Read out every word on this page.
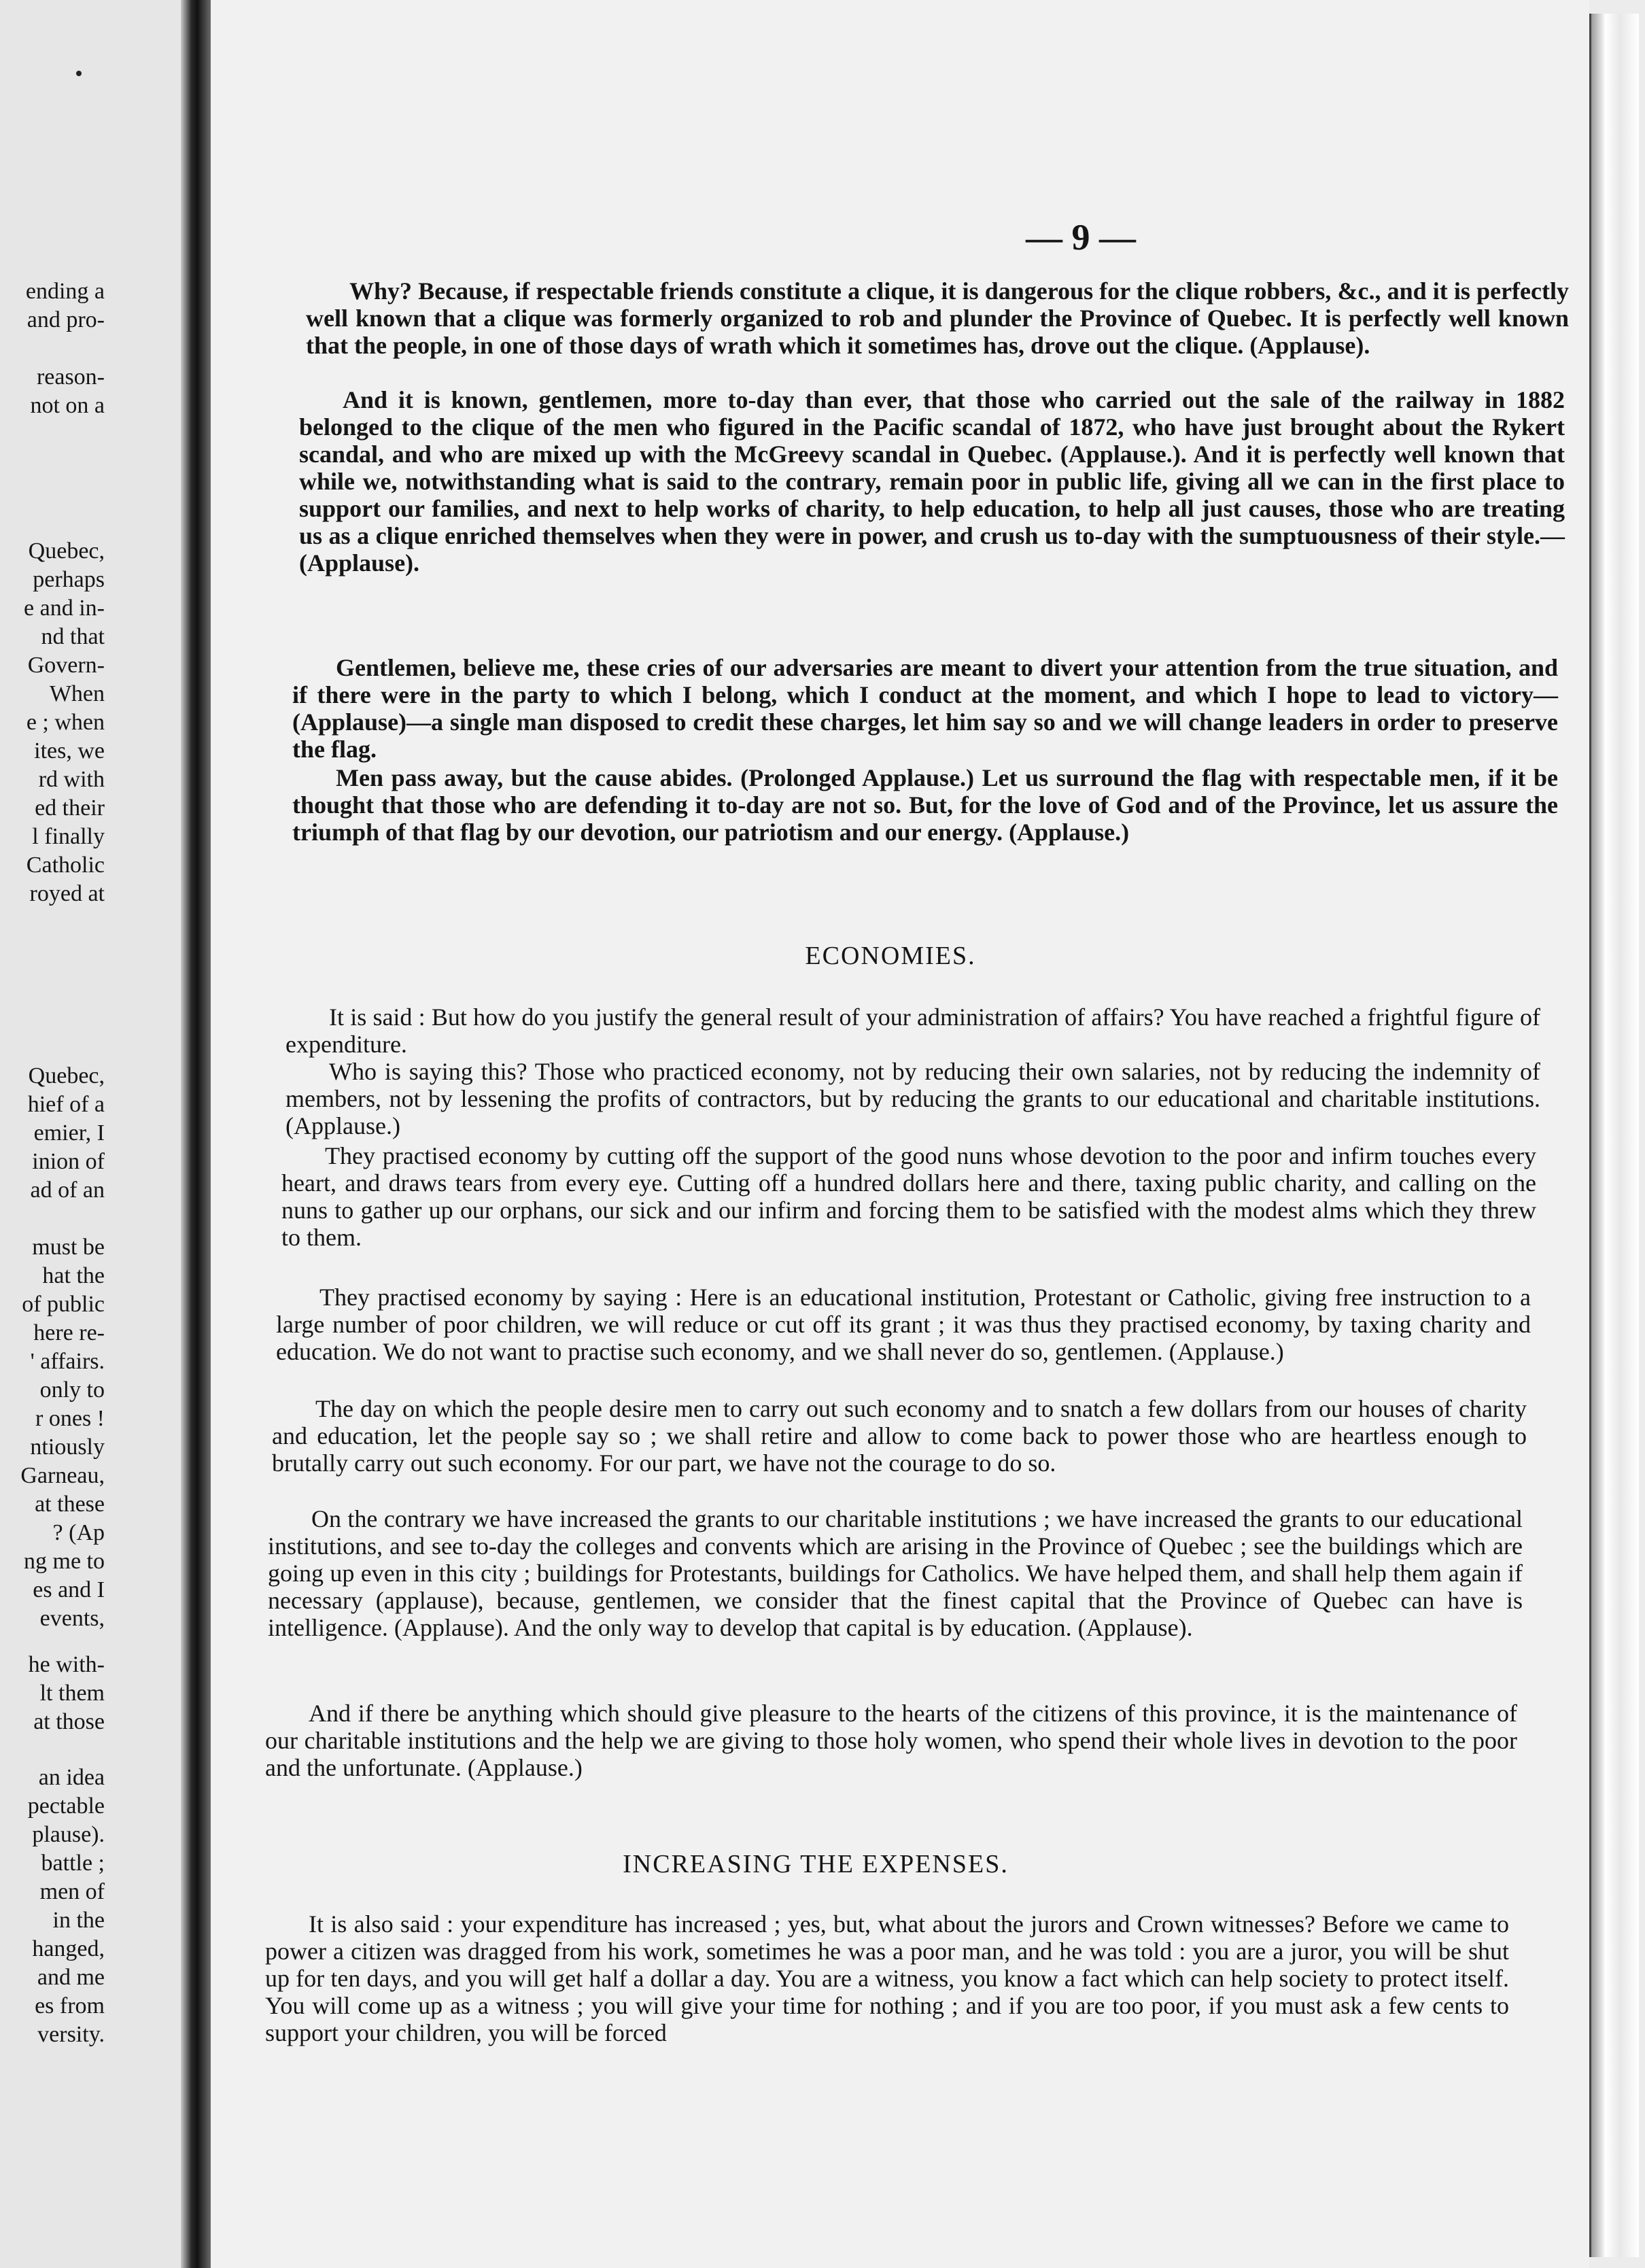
ending a
and pro-
reason-
not on a
Quebec,
perhaps
e and in-
nd that
Govern-
When
e ; when
ites, we
rd with
ed their
l finally
Catholic
royed at
Quebec,
hief of a
emier, I
inion of
ad of an
must be
hat the
of public
here re-
' affairs.
only to
r ones !
ntiously
Garneau,
at these
? (Ap
ng me to
es and I
events,
he with-
lt them
at those
an idea
pectable
plause).
battle ;
men of
in the
hanged,
and me
es from
versity.
— 9 —

Why? Because, if respectable friends constitute a clique, it is dangerous for the clique robbers, &c., and it is perfectly well known that a clique was formerly organized to rob and plunder the Province of Quebec. It is perfectly well known that the people, in one of those days of wrath which it sometimes has, drove out the clique. (Applause).

And it is known, gentlemen, more to-day than ever, that those who carried out the sale of the railway in 1882 belonged to the clique of the men who figured in the Pacific scandal of 1872, who have just brought about the Rykert scandal, and who are mixed up with the McGreevy scandal in Quebec. (Applause.). And it is perfectly well known that while we, notwithstanding what is said to the contrary, remain poor in public life, giving all we can in the first place to support our families, and next to help works of charity, to help education, to help all just causes, those who are treating us as a clique enriched themselves when they were in power, and crush us to-day with the sumptuousness of their style.—(Applause).

Gentlemen, believe me, these cries of our adversaries are meant to divert your attention from the true situation, and if there were in the party to which I belong, which I conduct at the moment, and which I hope to lead to victory—(Applause)—a single man disposed to credit these charges, let him say so and we will change leaders in order to preserve the flag.

Men pass away, but the cause abides. (Prolonged Applause.) Let us surround the flag with respectable men, if it be thought that those who are defending it to-day are not so. But, for the love of God and of the Province, let us assure the triumph of that flag by our devotion, our patriotism and our energy. (Applause.)

ECONOMIES.

It is said : But how do you justify the general result of your administration of affairs? You have reached a frightful figure of expenditure.

Who is saying this? Those who practiced economy, not by reducing their own salaries, not by reducing the indemnity of members, not by lessening the profits of contractors, but by reducing the grants to our educational and charitable institutions. (Applause.)

They practised economy by cutting off the support of the good nuns whose devotion to the poor and infirm touches every heart, and draws tears from every eye. Cutting off a hundred dollars here and there, taxing public charity, and calling on the nuns to gather up our orphans, our sick and our infirm and forcing them to be satisfied with the modest alms which they threw to them.

They practised economy by saying : Here is an educational institution, Protestant or Catholic, giving free instruction to a large number of poor children, we will reduce or cut off its grant ; it was thus they practised economy, by taxing charity and education. We do not want to practise such economy, and we shall never do so, gentlemen. (Applause.)

The day on which the people desire men to carry out such economy and to snatch a few dollars from our houses of charity and education, let the people say so ; we shall retire and allow to come back to power those who are heartless enough to brutally carry out such economy. For our part, we have not the courage to do so.

On the contrary we have increased the grants to our charitable institutions ; we have increased the grants to our educational institutions, and see to-day the colleges and convents which are arising in the Province of Quebec ; see the buildings which are going up even in this city ; buildings for Protestants, buildings for Catholics. We have helped them, and shall help them again if necessary (applause), because, gentlemen, we consider that the finest capital that the Province of Quebec can have is intelligence. (Applause). And the only way to develop that capital is by education. (Applause).

And if there be anything which should give pleasure to the hearts of the citizens of this province, it is the maintenance of our charitable institutions and the help we are giving to those holy women, who spend their whole lives in devotion to the poor and the unfortunate. (Applause.)

INCREASING THE EXPENSES.

It is also said : your expenditure has increased ; yes, but, what about the jurors and Crown witnesses? Before we came to power a citizen was dragged from his work, sometimes he was a poor man, and he was told : you are a juror, you will be shut up for ten days, and you will get half a dollar a day. You are a witness, you know a fact which can help society to protect itself. You will come up as a witness ; you will give your time for nothing ; and if you are too poor, if you must ask a few cents to support your children, you will be forced
